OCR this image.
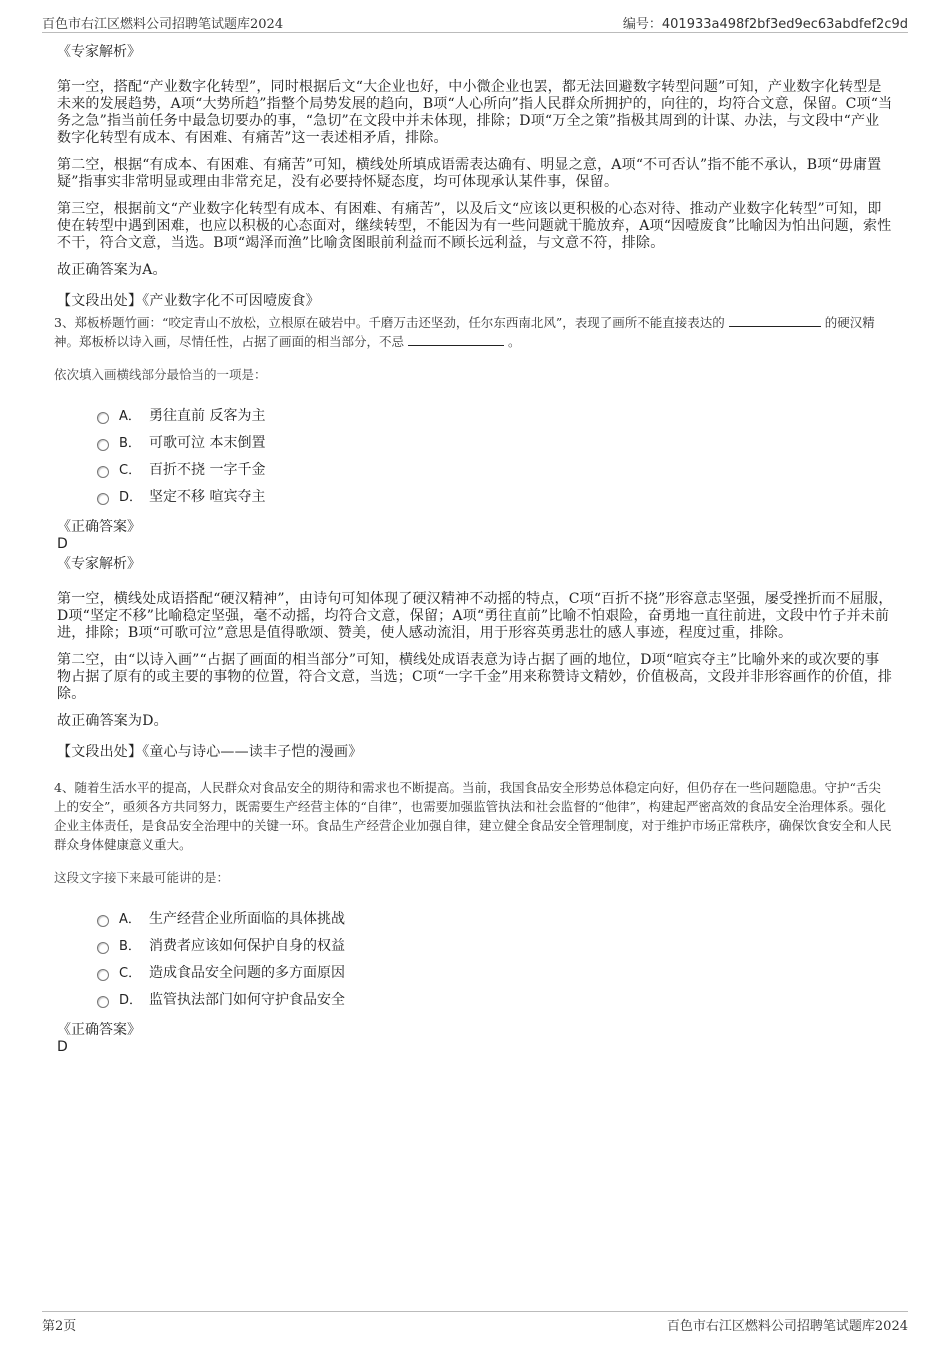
百色市右江区燃料公司招聘笔试题库2024	编号：401933a498f2bf3ed9ec63abdfef2c9d

《专家解析》

第一空，搭配“产业数字化转型”，同时根据后文“大企业也好，中小微企业也罢，都无法回避数字转型问题”可知，产业数字化转型是未来的发展趋势，A项“大势所趋”指整个局势发展的趋向，B项“人心所向”指人民群众所拥护的，向往的，均符合文意，保留。C项“当务之急”指当前任务中最急切要办的事，“急切”在文段中并未体现，排除；D项“万全之策”指极其周到的计谋、办法，与文段中“产业数字化转型有成本、有困难、有痛苦”这一表述相矛盾，排除。

第二空，根据“有成本、有困难、有痛苦”可知，横线处所填成语需表达确有、明显之意，A项“不可否认”指不能不承认，B项“毋庸置疑”指事实非常明显或理由非常充足，没有必要持怀疑态度，均可体现承认某件事，保留。

第三空，根据前文“产业数字化转型有成本、有困难、有痛苦”，以及后文“应该以更积极的心态对待、推动产业数字化转型”可知，即使在转型中遇到困难，也应以积极的心态面对，继续转型，不能因为有一些问题就干脆放弃，A项“因噎废食”比喻因为怕出问题，索性不干，符合文意，当选。B项“竭泽而渔”比喻贪图眼前利益而不顾长远利益，与文意不符，排除。

故正确答案为A。

【文段出处】《产业数字化不可因噎废食》

3、郑板桥题竹画：“咬定青山不放松，立根原在破岩中。千磨万击还坚劲，任尔东西南北风”，表现了画所不能直接表达的	的硬汉精神。郑板桥以诗入画，尽情任性，占据了画面的相当部分，不忌	。

依次填入画横线部分最恰当的一项是：

A． 勇往直前 反客为主
B． 可歌可泣 本末倒置
C． 百折不挠 一字千金
D． 坚定不移 喧宾夺主

《正确答案》

D

《专家解析》

第一空，横线处成语搭配“硬汉精神”，由诗句可知体现了硬汉精神不动摇的特点，C项“百折不挠”形容意志坚强，屡受挫折而不屈服，D项“坚定不移”比喻稳定坚强，毫不动摇，均符合文意，保留；A项“勇往直前”比喻不怕艰险，奋勇地一直往前进，文段中竹子并未前进，排除；B项“可歌可泣”意思是值得歌颂、赞美，使人感动流泪，用于形容英勇悲壮的感人事迹，程度过重，排除。

第二空，由“以诗入画”“占据了画面的相当部分”可知，横线处成语表意为诗占据了画的地位，D项“喧宾夺主”比喻外来的或次要的事物占据了原有的或主要的事物的位置，符合文意，当选；C项“一字千金”用来称赞诗文精妙，价值极高，文段并非形容画作的价值，排除。

故正确答案为D。

【文段出处】《童心与诗心——读丰子恺的漫画》

4、随着生活水平的提高，人民群众对食品安全的期待和需求也不断提高。当前，我国食品安全形势总体稳定向好，但仍存在一些问题隐患。守护“舌尖上的安全”，亟须各方共同努力，既需要生产经营主体的“自律”，也需要加强监管执法和社会监督的“他律”，构建起严密高效的食品安全治理体系。强化企业主体责任，是食品安全治理中的关键一环。食品生产经营企业加强自律，建立健全食品安全管理制度，对于维护市场正常秩序，确保饮食安全和人民群众身体健康意义重大。

这段文字接下来最可能讲的是：

A． 生产经营企业所面临的具体挑战
B． 消费者应该如何保护自身的权益
C． 造成食品安全问题的多方面原因
D． 监管执法部门如何守护食品安全

《正确答案》

D

第2页	百色市右江区燃料公司招聘笔试题库2024
